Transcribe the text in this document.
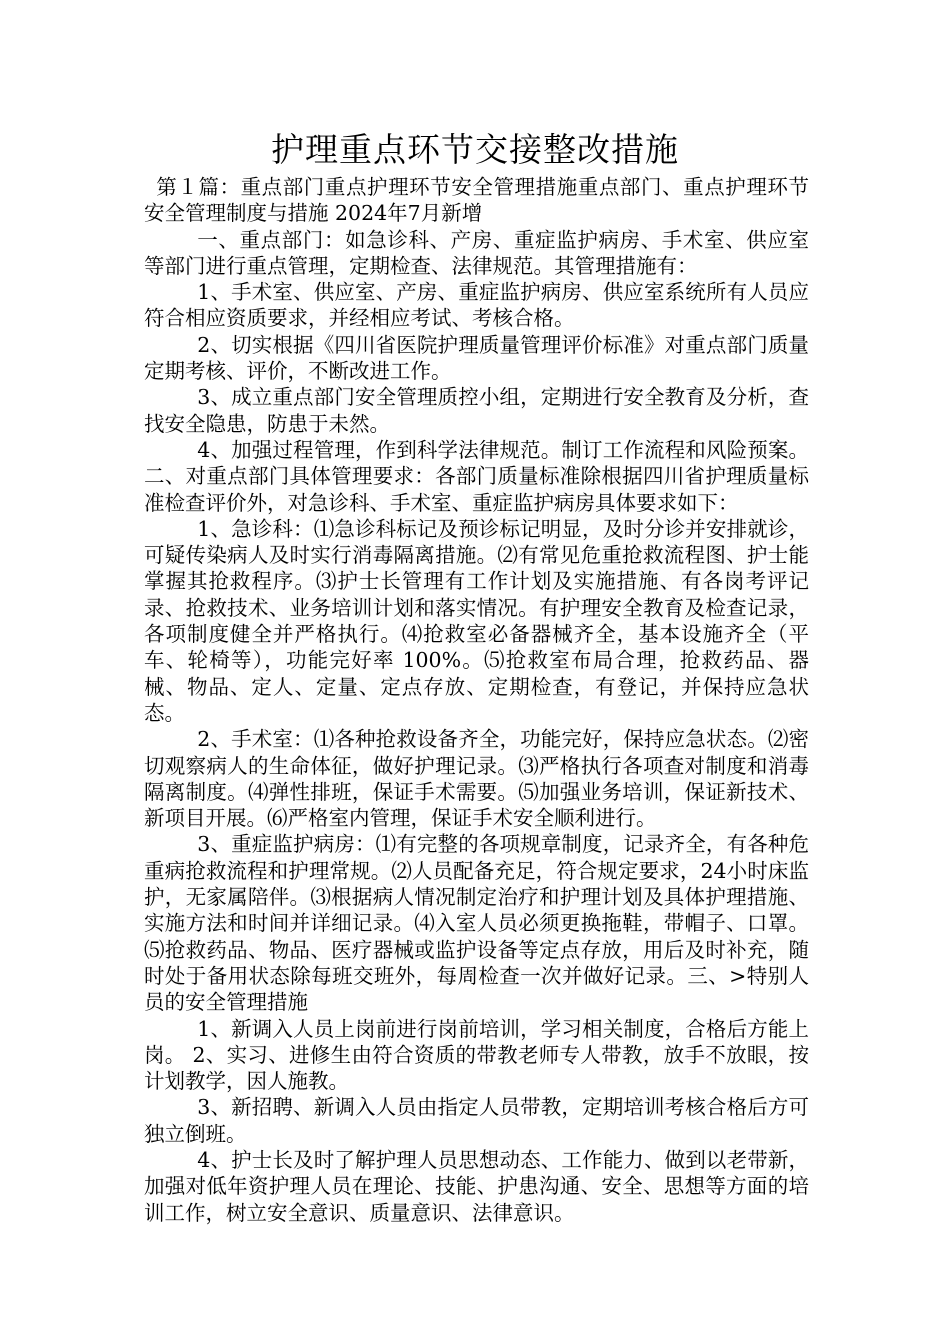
护理重点环节交接整改措施

第１篇：重点部门重点护理环节安全管理措施重点部门、重点护理环节 安全管理制度与措施 2024年7月新增

一、重点部门：如急诊科、产房、重症监护病房、手术室、供应室等部门进行重点管理，定期检查、法律规范。其管理措施有：

1、手术室、供应室、产房、重症监护病房、供应室系统所有人员应符合相应资质要求，并经相应考试、考核合格。

2、切实根据《四川省医院护理质量管理评价标准》对重点部门质量定期考核、评价，不断改进工作。

3、成立重点部门安全管理质控小组，定期进行安全教育及分析，查找安全隐患，防患于未然。

4、加强过程管理，作到科学法律规范。制订工作流程和风险预案。 二、对重点部门具体管理要求：各部门质量标准除根据四川省护理质量标准检查评价外，对急诊科、手术室、重症监护病房具体要求如下：

1、急诊科：⑴急诊科标记及预诊标记明显，及时分诊并安排就诊，可疑传染病人及时实行消毒隔离措施。⑵有常见危重抢救流程图、护士能掌握其抢救程序。⑶护士长管理有工作计划及实施措施、有各岗考评记录、抢救技术、业务培训计划和落实情况。有护理安全教育及检查记录，各项制度健全并严格执行。⑷抢救室必备器械齐全，基本设施齐全（平车、轮椅等），功能完好率 100%。⑸抢救室布局合理，抢救药品、器械、物品、定人、定量、定点存放、定期检查，有登记，并保持应急状态。

2、手术室：⑴各种抢救设备齐全，功能完好，保持应急状态。⑵密切观察病人的生命体征，做好护理记录。⑶严格执行各项查对制度和消毒隔离制度。⑷弹性排班，保证手术需要。⑸加强业务培训，保证新技术、新项目开展。⑹严格室内管理，保证手术安全顺利进行。

3、重症监护病房：⑴有完整的各项规章制度，记录齐全，有各种危重病抢救流程和护理常规。⑵人员配备充足，符合规定要求，24小时床监护，无家属陪伴。⑶根据病人情况制定治疗和护理计划及具体护理措施、实施方法和时间并详细记录。⑷入室人员必须更换拖鞋，带帽子、口罩。⑸抢救药品、物品、医疗器械或监护设备等定点存放，用后及时补充，随时处于备用状态除每班交班外，每周检查一次并做好记录。三、>特别人员的安全管理措施

1、新调入人员上岗前进行岗前培训，学习相关制度，合格后方能上岗。 2、实习、进修生由符合资质的带教老师专人带教，放手不放眼，按计划教学，因人施教。

3、新招聘、新调入人员由指定人员带教，定期培训考核合格后方可独立倒班。

4、护士长及时了解护理人员思想动态、工作能力、做到以老带新，加强对低年资护理人员在理论、技能、护患沟通、安全、思想等方面的培训工作，树立安全意识、质量意识、法律意识。
